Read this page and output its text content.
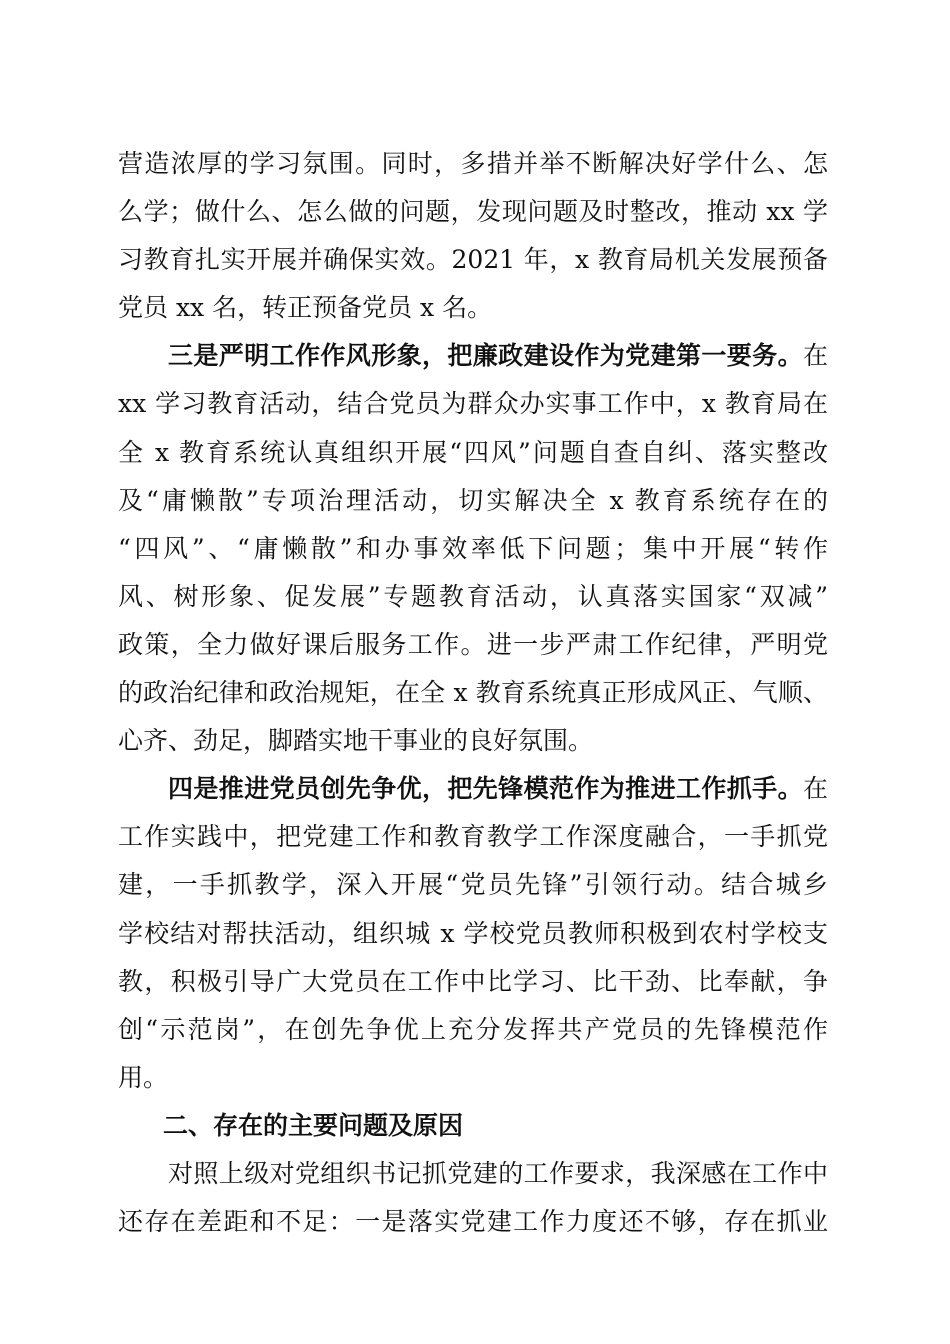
营造浓厚的学习氛围。同时，多措并举不断解决好学什么、怎
么学；做什么、怎么做的问题，发现问题及时整改，推动 xx 学
习教育扎实开展并确保实效。2021 年，x 教育局机关发展预备
党员 xx 名，转正预备党员 x 名。
三是严明工作作风形象，把廉政建设作为党建第一要务。在
xx 学习教育活动，结合党员为群众办实事工作中，x 教育局在
全 x 教育系统认真组织开展“四风”问题自查自纠、落实整改
及“庸懒散”专项治理活动，切实解决全 x 教育系统存在的
“四风”、“庸懒散”和办事效率低下问题；集中开展“转作
风、树形象、促发展”专题教育活动，认真落实国家“双减”
政策，全力做好课后服务工作。进一步严肃工作纪律，严明党
的政治纪律和政治规矩，在全 x 教育系统真正形成风正、气顺、
心齐、劲足，脚踏实地干事业的良好氛围。
四是推进党员创先争优，把先锋模范作为推进工作抓手。在
工作实践中，把党建工作和教育教学工作深度融合，一手抓党
建，一手抓教学，深入开展“党员先锋”引领行动。结合城乡
学校结对帮扶活动，组织城 x 学校党员教师积极到农村学校支
教，积极引导广大党员在工作中比学习、比干劲、比奉献，争
创“示范岗”，在创先争优上充分发挥共产党员的先锋模范作
用。
二、存在的主要问题及原因
对照上级对党组织书记抓党建的工作要求，我深感在工作中
还存在差距和不足：一是落实党建工作力度还不够，存在抓业
